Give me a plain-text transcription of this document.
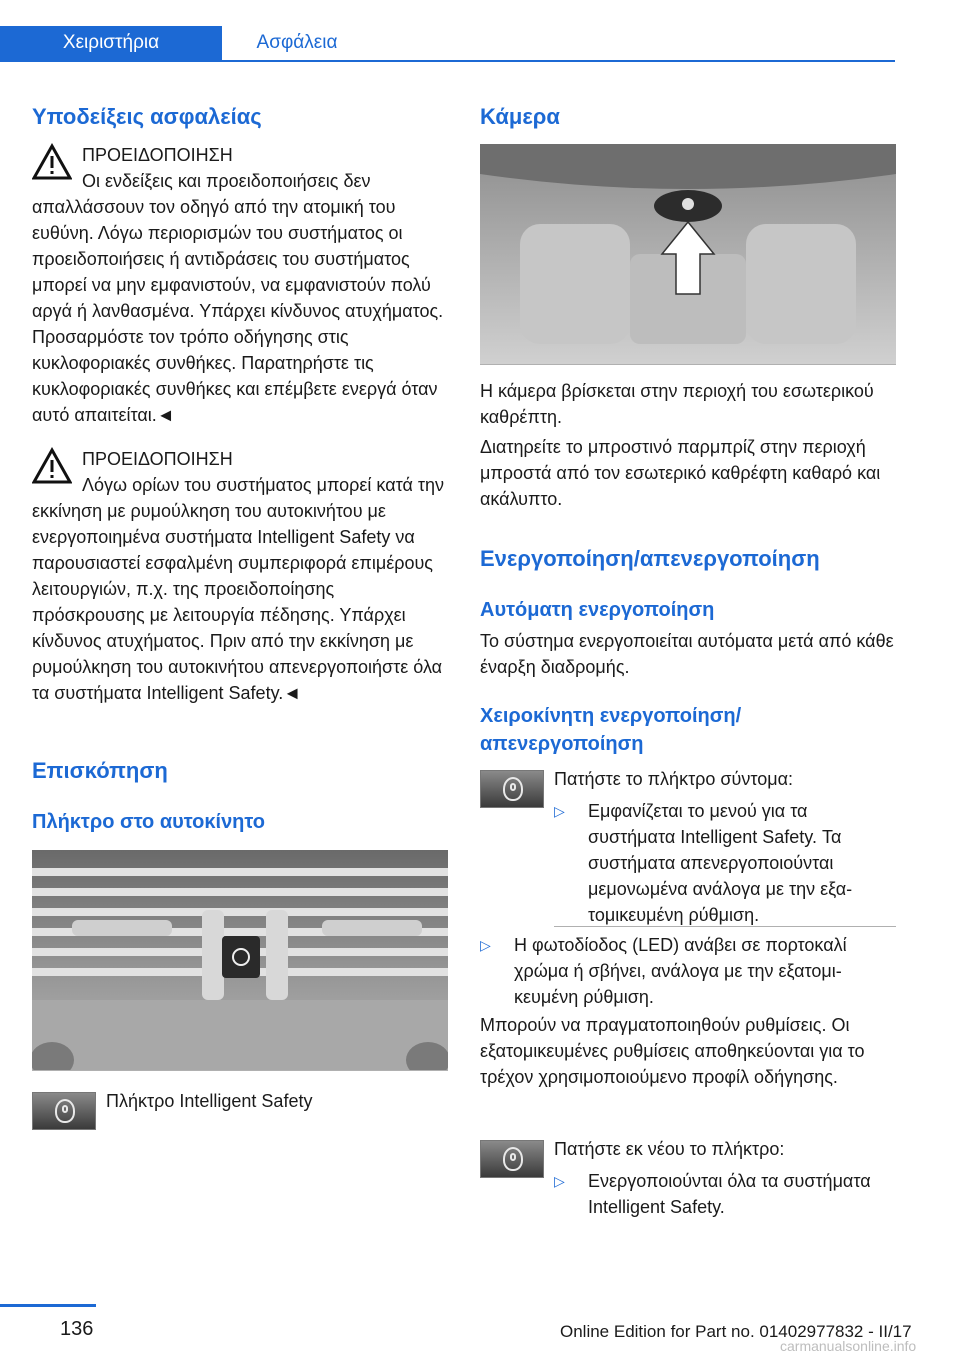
Χειριστήρια	Ασφάλεια

Υποδείξεις ασφαλείας

ΠΡΟΕΙΔΟΠΟΙΗΣΗ
Οι ενδείξεις και προειδοποιήσεις δεν απαλλάσσουν τον οδηγό από την ατομική του ευθύνη. Λόγω περιορισμών του συστήματος οι προειδοποιήσεις ή αντιδράσεις του συστήματος μπορεί να μην εμφανιστούν, να εμφανιστούν πολύ αργά ή λανθασμένα. Υπάρχει κίνδυνος ατυχήματος. Προσαρμόστε τον τρόπο οδήγησης στις κυκλοφοριακές συνθήκες. Παρατηρήστε τις κυκλοφοριακές συνθήκες και επέμβετε ενεργά όταν αυτό απαιτείται.◄
ΠΡΟΕΙΔΟΠΟΙΗΣΗ
Λόγω ορίων του συστήματος μπορεί κατά την εκκίνηση με ρυμούλκηση του αυτοκινήτου με ενεργοποιημένα συστήματα Intelligent Safety να παρουσιαστεί εσφαλμένη συμπεριφορά επιμέρους λειτουργιών, π.χ. της προειδοποίησης πρόσκρουσης με λειτουργία πέδησης. Υπάρχει κίνδυνος ατυχήματος. Πριν από την εκκίνηση με ρυμούλκηση του αυτοκινήτου απενεργοποιήστε όλα τα συστήματα Intelligent Safety.◄

Επισκόπηση

Πλήκτρο στο αυτοκίνητο

Πλήκτρο Intelligent Safety

Κάμερα

Η κάμερα βρίσκεται στην περιοχή του εσωτερικού καθρέπτη.
Διατηρείτε το μπροστινό παρμπρίζ στην περιοχή μπροστά από τον εσωτερικό καθρέφτη καθαρό και ακάλυπτο.

Ενεργοποίηση/απενεργοποίηση

Αυτόματη ενεργοποίηση

Το σύστημα ενεργοποιείται αυτόματα μετά από κάθε έναρξη διαδρομής.

Χειροκίνητη ενεργοποίηση/ απενεργοποίηση

Πατήστε το πλήκτρο σύντομα:
▷	Εμφανίζεται το μενού για τα συστήματα Intelligent Safety. Τα συστήματα απενεργοποιούνται μεμονωμένα ανάλογα με την εξατομικευμένη ρύθμιση.
▷	Η φωτοδίοδος (LED) ανάβει σε πορτοκαλί χρώμα ή σβήνει, ανάλογα με την εξατομικευμένη ρύθμιση.
Μπορούν να πραγματοποιηθούν ρυθμίσεις. Οι εξατομικευμένες ρυθμίσεις αποθηκεύονται για το τρέχον χρησιμοποιούμενο προφίλ οδήγησης.
Πατήστε εκ νέου το πλήκτρο:
▷	Ενεργοποιούνται όλα τα συστήματα Intelligent Safety.
136	Online Edition for Part no. 01402977832 - II/17
carmanualsonline.info
